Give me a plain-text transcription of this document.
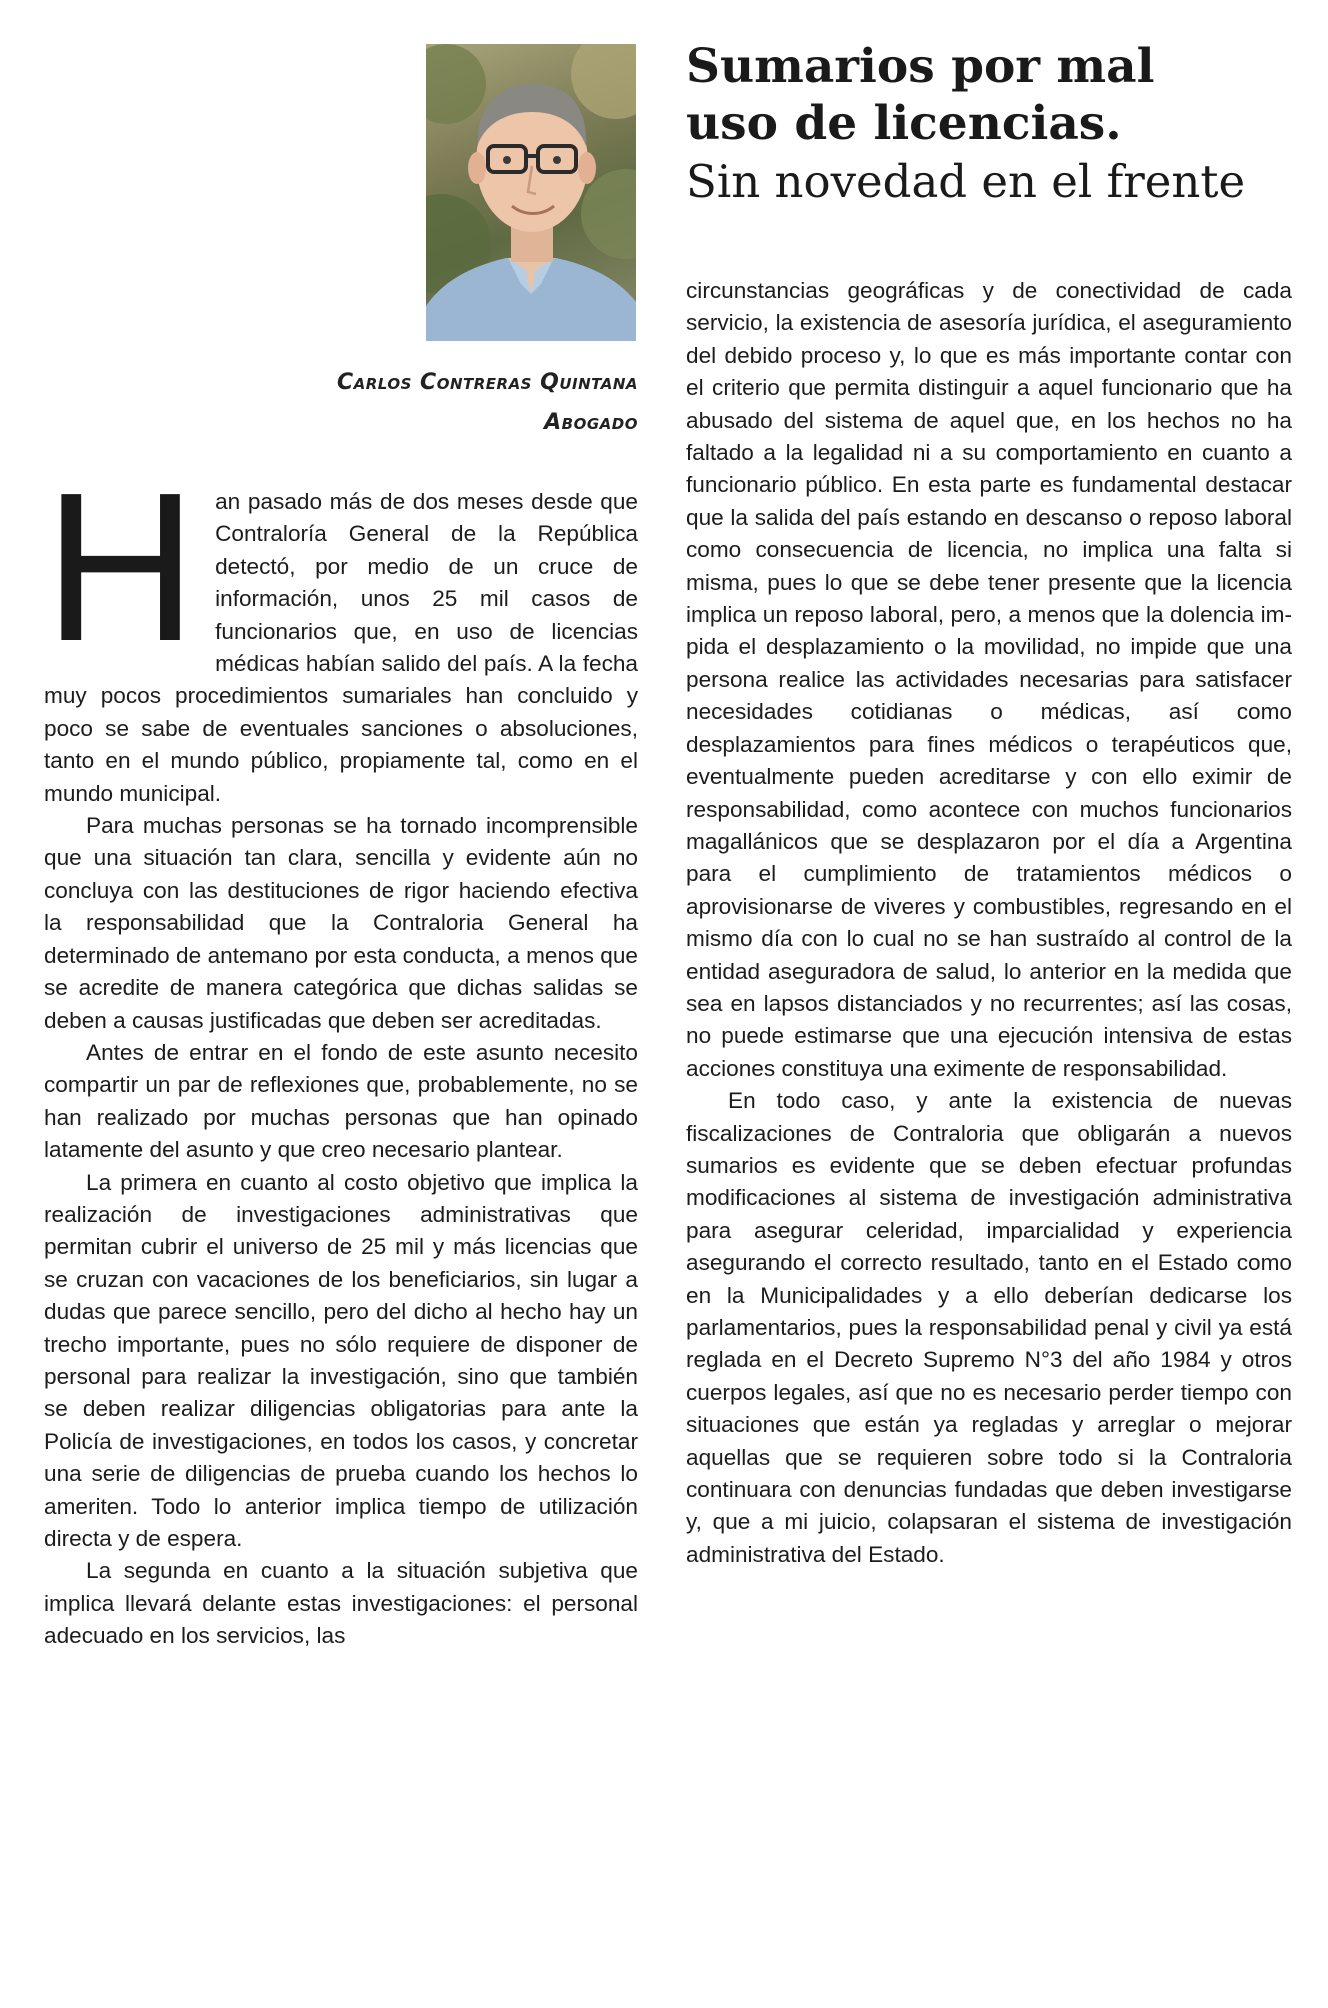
Carlos Contreras Quintana
Abogado
Sumarios por mal
uso de licencias.
Sin novedad en el frente

Han pasado más de dos meses desde que Contraloría General de la República detectó, por medio de un cruce de información, unos 25 mil casos de funcionarios que, en uso de licencias médicas habían salido del país. A la fecha muy pocos procedimientos sumariales han concluido y poco se sabe de eventuales sanciones o absoluciones, tanto en el mundo público, propiamente tal, como en el mundo municipal.

Para muchas personas se ha tornado incomprensible que una situación tan clara, sencilla y evidente aún no concluya con las destituciones de rigor haciendo efectiva la responsabilidad que la Contraloria General ha determinado de antemano por esta conducta, a menos que se acredite de manera categórica que dichas salidas se deben a causas justificadas que deben ser acreditadas.

Antes de entrar en el fondo de este asunto necesito compartir un par de reflexiones que, probablemente, no se han realizado por muchas personas que han opinado latamente del asunto y que creo necesario plantear.

La primera en cuanto al costo objetivo que implica la realización de investigaciones administrativas que permitan cubrir el universo de 25 mil y más licencias que se cruzan con vacaciones de los beneficiarios, sin lugar a dudas que parece sencillo, pero del dicho al hecho hay un trecho importante, pues no sólo requiere de disponer de personal para realizar la investigación, sino que también se deben realizar diligencias obligatorias para ante la Policía de investigaciones, en todos los casos, y concretar una serie de diligencias de prueba cuando los hechos lo ameriten. Todo lo anterior implica tiempo de utilización directa y de espera.

La segunda en cuanto a la situación subjetiva que implica llevará delante estas investigaciones: el personal adecuado en los servicios, las

circunstancias geográficas y de conectividad de cada servicio, la existencia de asesoría jurídica, el aseguramiento del debido proceso y, lo que es más importante contar con el criterio que permita distinguir a aquel funcionario que ha abusado del sistema de aquel que, en los hechos no ha faltado a la legalidad ni a su comportamiento en cuanto a funcionario público. En esta parte es fundamental destacar que la salida del país estando en descanso o reposo laboral como consecuencia de licencia, no implica una falta si misma, pues lo que se debe tener presente que la licencia implica un reposo laboral, pero, a menos que la dolencia impida el desplazamiento o la movilidad, no impide que una persona realice las actividades necesarias para satisfacer necesidades cotidianas o médicas, así como desplazamientos para fines médicos o terapéuticos que, eventualmente pueden acreditarse y con ello eximir de responsabilidad, como acontece con muchos funcionarios magallánicos que se desplazaron por el día a Argentina para el cumplimiento de tratamientos médicos o aprovisionarse de viveres y combustibles, regresando en el mismo día con lo cual no se han sustraído al control de la entidad aseguradora de salud, lo anterior en la medida que sea en lapsos distanciados y no recurrentes; así las cosas, no puede estimarse que una ejecución intensiva de estas acciones constituya una eximente de responsabilidad.

En todo caso, y ante la existencia de nuevas fiscalizaciones de Contraloria que obligarán a nuevos sumarios es evidente que se deben efectuar profundas modificaciones al sistema de investigación administrativa para asegurar celeridad, imparcialidad y experiencia asegurando el correcto resultado, tanto en el Estado como en la Municipalidades y a ello deberían dedicarse los parlamentarios, pues la responsabilidad penal y civil ya está reglada en el Decreto Supremo N°3 del año 1984 y otros cuerpos legales, así que no es necesario perder tiempo con situaciones que están ya regladas y arreglar o mejorar aquellas que se requieren sobre todo si la Contraloria continuara con denuncias fundadas que deben investigarse y, que a mi juicio, colapsaran el sistema de investigación administrativa del Estado.
